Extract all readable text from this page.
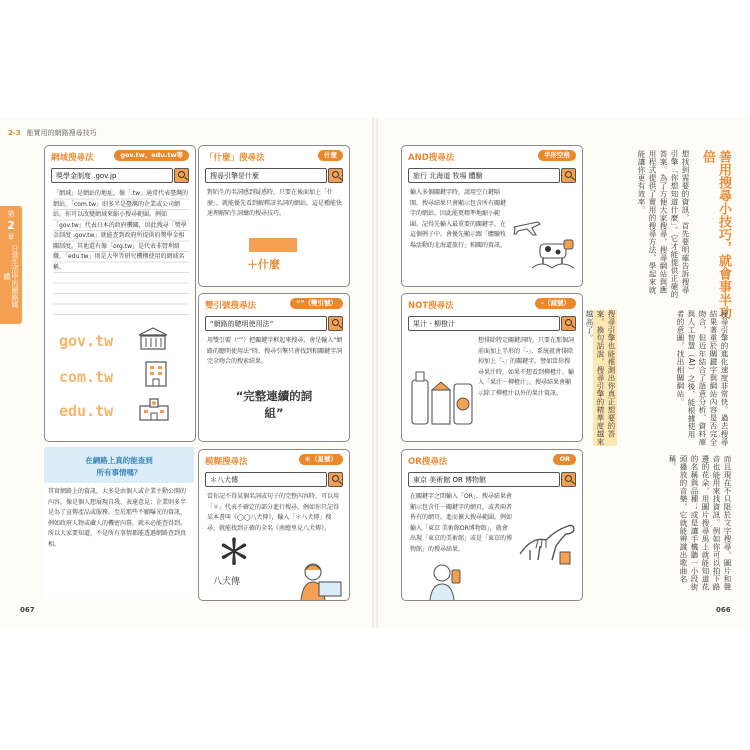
2-3 能實用的網路搜尋技巧
第
2
章
日常生活中的網路媒體
網域搜尋法	gov.tw、edu.tw等
獎學金制度 .gov.jp
「網域」是網站的地址，像「.tw」通常代表臺灣的網站，「com.tw」則多半是臺灣的企業或公司網站。你可以改變網域來縮小搜尋範圍。例如「gov.tw」代表日本的政府機關，因此搜尋「獎學金制度 .gov.tw」就能查到政府所提供的獎學金相關制度。其他還有像「org.tw」是代表非營利組織、「edu.tw」則是大學等研究機構使用的網域名稱。
gov.tw
com.tw
edu.tw
「什麼」搜尋法	什麼
搜尋引擎是什麼
對陌生的名詞感到疑惑時，只要在後面加上「什麼」，就能優先看到解釋該名詞的網站。這是種能快速理解陌生詞彙的搜尋技巧。
＋什麼
AND搜尋法	半形空格
旅行 北海道 牧場 體驗
輸入多個關鍵字時，請用空白鍵隔開。搜尋結果只會顯示包含所有關鍵字的網站，因此能更精準地縮小範圍。記得先輸入最重要的關鍵字，在這個例子中，會優先顯示跟「體驗牧場活動的北海道旅行」相關的資訊。
雙引號搜尋法	“”（雙引號）
“網路的聰明使用法”
用雙引號（“”）把關鍵字框起來搜尋，會是輸入“網路的聰明使用法”時，搜尋引擎只會找到和關鍵字詞完全吻合的搜索結果。
“完整連續的詞組”
NOT搜尋法	-（減號）
果汁 - 柳橙汁
想排除特定關鍵詞時，只要在那個詞前面加上半形的「-」，系統就會排除掉加上「-」的關鍵字。譬如當你搜尋果汁時，如果不想看到柳橙汁，輸入「果汁－柳橙汁」，搜尋結果會顯示除了柳橙汁以外的果汁資訊。
模糊搜尋法	＊（星號）
＊八犬傳
當你記不得某個名詞或句子的完整內容時，可以用「＊」代表不確定的部分進行搜尋。例如你只記得某本書叫《◯◯八犬傳》，輸入「＊八犬傳」搜尋，就能找到正確的全名《南總里見八犬傳》。
＊
八犬傳
OR搜尋法	OR
東京 美術館 OR 博物館
在關鍵字之間輸入「OR」，搜尋結果會顯示包含任一關鍵字的網頁，或者兩者皆有的網頁。進而擴大搜尋範圍。例如輸入「東京 美術館OR博物館」，就會出現「東京的美術館」或是「東京的博物館」的搜尋結果。
在網路上真的能查到
所有事情嗎？
其實網路上的資訊，大多是由個人或企業主動公開的內容，像是個人想展現自我、表達意見；企業則多半是為了宣傳產品或服務。至於那些不願曝光的資訊，例如政府人物或藏人的機密內幕，就未必能查得到。所以大家要知道，不是所有事情都能透過網路查到真相。
067
善用搜尋小技巧，就會事半功倍
想找到需要的資訊，首先要明確告訴搜尋引擎「你想知道什麼」。它才能提供正確的答案。為了方便大家搜尋，搜尋網站與應用程式提供了實用的搜尋方法，學起來就能讓你更有效率。
搜尋引擎的進化速度非常快。過去搜尋結果著重於關鍵字與網站內容是否完全吻合，但近年結合了語意分析、資料庫與人工智慧（AI）之後，能根據使用者的意圖，找出相關網站。
搜尋引擎也能推測出你真正想要的答案，換句話說，搜尋引擎的精準度越來越高了。
而且現在不只限於文字搜尋，圖片和聲音也能用來找資訊。例如你可以拍下路邊的花朵，用圖片搜尋馬上就能知道花的名稱與品種；或是讓手機聽一小段街頭播放的音樂，它就能辨識出歌曲名稱。
066
